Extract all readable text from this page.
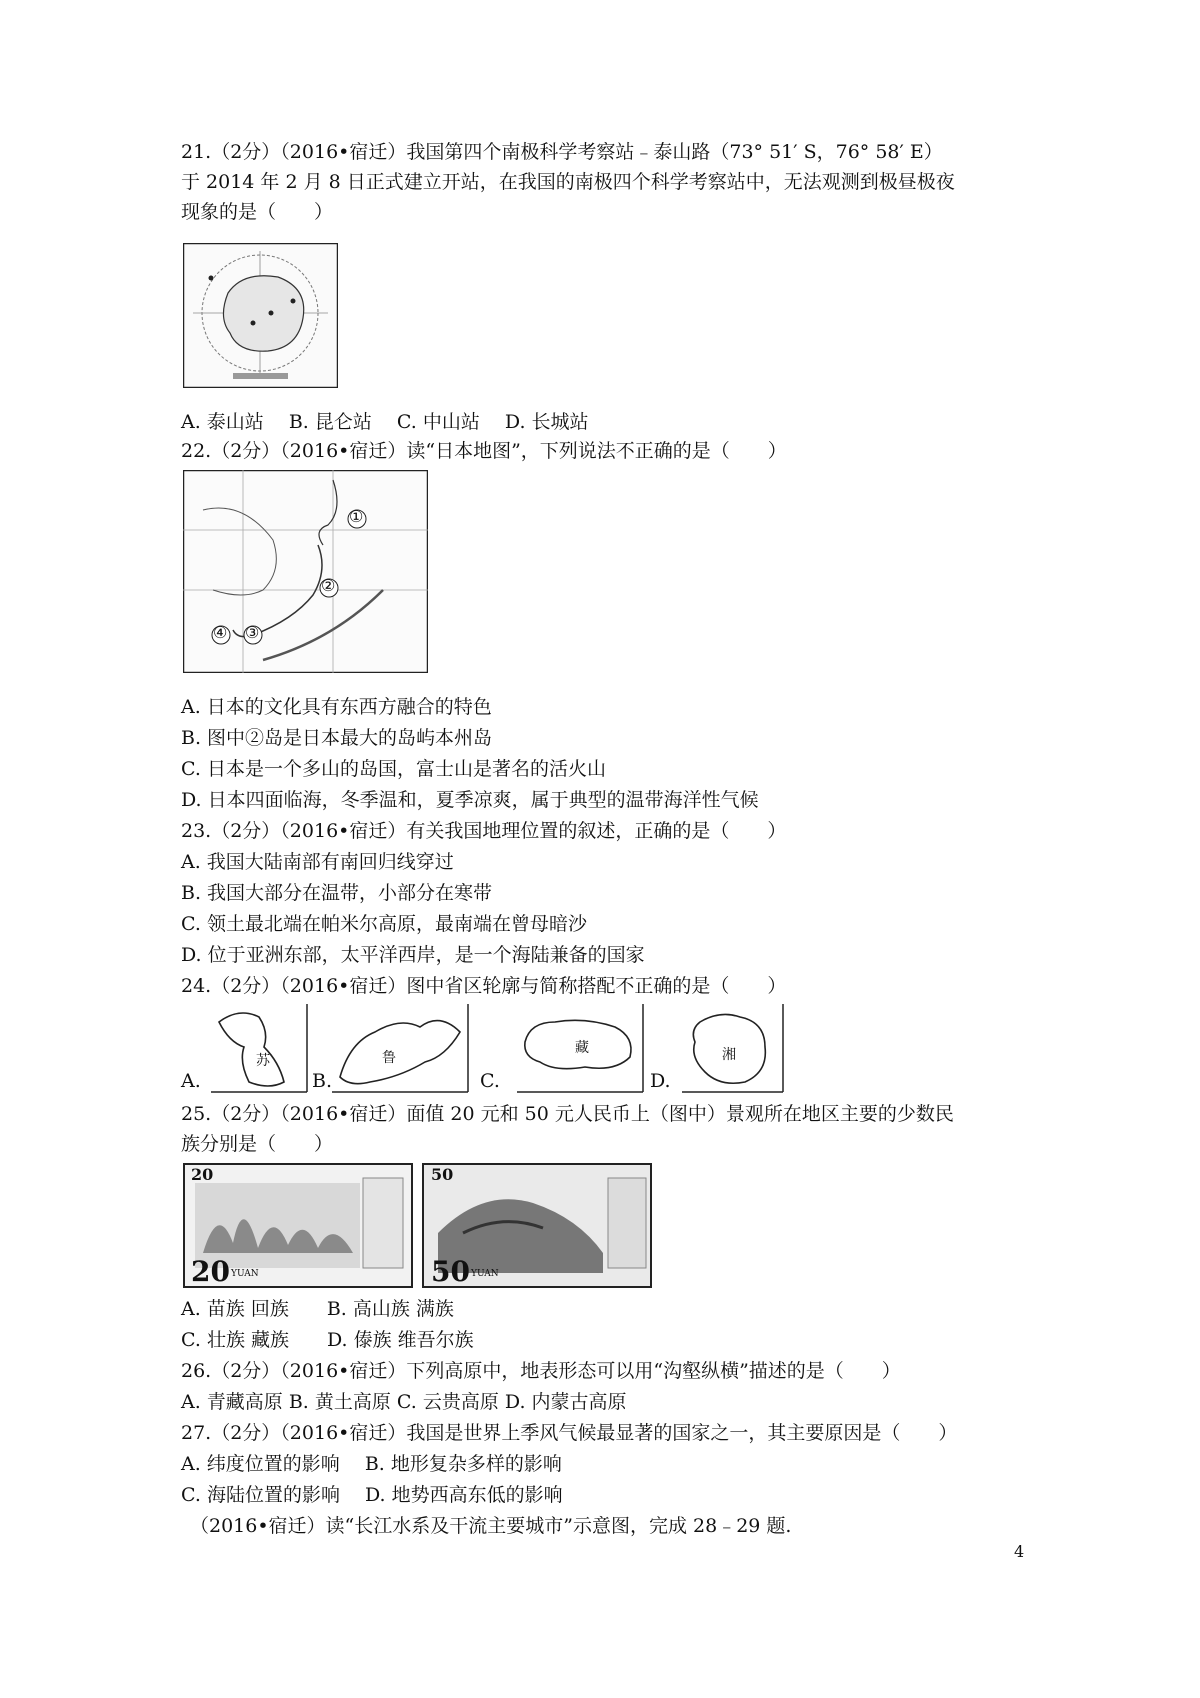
21.（2分）（2016•宿迁）我国第四个南极科学考察站﹣泰山路（73° 51′ S，76° 58′ E）
于 2014 年 2 月 8 日正式建立开站，在我国的南极四个科学考察站中，无法观测到极昼极夜
现象的是（　　）
A. 泰山站　 B. 昆仑站　 C. 中山站　 D. 长城站
22.（2分）（2016•宿迁）读“日本地图”，下列说法不正确的是（　　）
①
②
③
④
A. 日本的文化具有东西方融合的特色
B. 图中②岛是日本最大的岛屿本州岛
C. 日本是一个多山的岛国，富士山是著名的活火山
D. 日本四面临海，冬季温和，夏季凉爽，属于典型的温带海洋性气候
23.（2分）（2016•宿迁）有关我国地理位置的叙述，正确的是（　　）
A. 我国大陆南部有南回归线穿过
B. 我国大部分在温带，小部分在寒带
C. 领土最北端在帕米尔高原，最南端在曾母暗沙
D. 位于亚洲东部，太平洋西岸，是一个海陆兼备的国家
24.（2分）（2016•宿迁）图中省区轮廓与简称搭配不正确的是（　　）
A.
苏
B.
鲁
C.
藏
D.
湘
25.（2分）（2016•宿迁）面值 20 元和 50 元人民币上（图中）景观所在地区主要的少数民
族分别是（　　）
20
20 YUAN
50
50 YUAN
A. 苗族 回族　　B. 高山族 满族
C. 壮族 藏族　　D. 傣族 维吾尔族
26.（2分）（2016•宿迁）下列高原中，地表形态可以用“沟壑纵横”描述的是（　　）
A. 青藏高原 B. 黄土高原 C. 云贵高原 D. 内蒙古高原
27.（2分）（2016•宿迁）我国是世界上季风气候最显著的国家之一，其主要原因是（　　）
A. 纬度位置的影响　 B. 地形复杂多样的影响
C. 海陆位置的影响　 D. 地势西高东低的影响
（2016•宿迁）读“长江水系及干流主要城市”示意图，完成 28﹣29 题.
4
